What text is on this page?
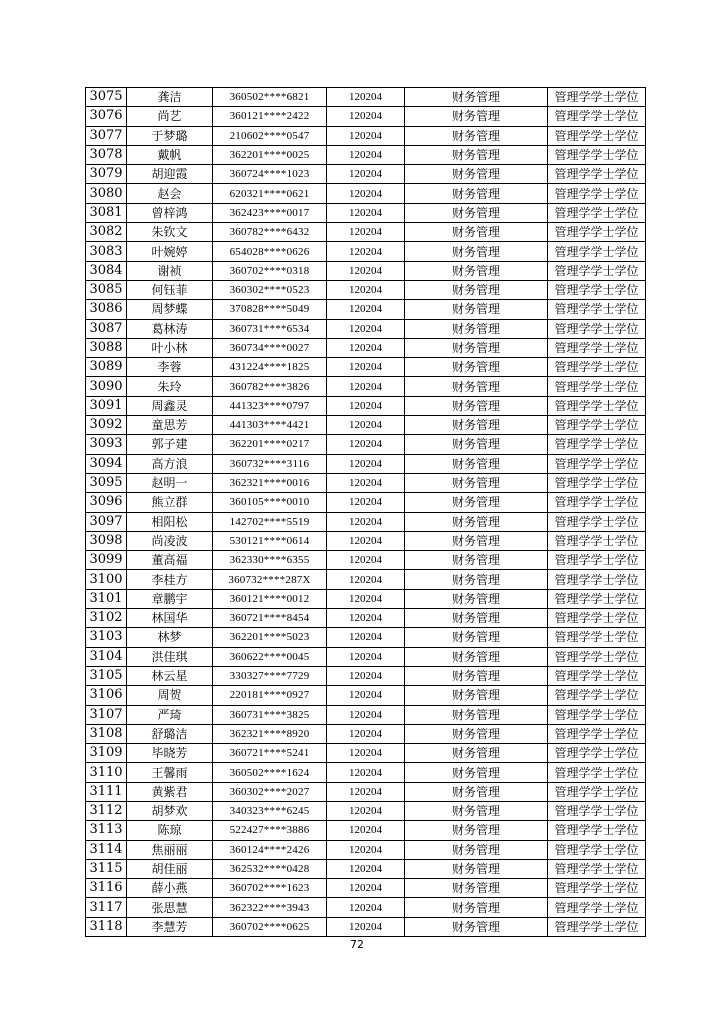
3075	龚洁	360502****6821	120204	财务管理	管理学学士学位
3076	尚艺	360121****2422	120204	财务管理	管理学学士学位
3077	于梦璐	210602****0547	120204	财务管理	管理学学士学位
3078	戴帆	362201****0025	120204	财务管理	管理学学士学位
3079	胡迎霞	360724****1023	120204	财务管理	管理学学士学位
3080	赵会	620321****0621	120204	财务管理	管理学学士学位
3081	曾梓鸿	362423****0017	120204	财务管理	管理学学士学位
3082	朱钦文	360782****6432	120204	财务管理	管理学学士学位
3083	叶婉婷	654028****0626	120204	财务管理	管理学学士学位
3084	谢祯	360702****0318	120204	财务管理	管理学学士学位
3085	何钰菲	360302****0523	120204	财务管理	管理学学士学位
3086	周梦蝶	370828****5049	120204	财务管理	管理学学士学位
3087	葛林涛	360731****6534	120204	财务管理	管理学学士学位
3088	叶小林	360734****0027	120204	财务管理	管理学学士学位
3089	李蓉	431224****1825	120204	财务管理	管理学学士学位
3090	朱玲	360782****3826	120204	财务管理	管理学学士学位
3091	周鑫灵	441323****0797	120204	财务管理	管理学学士学位
3092	童思芳	441303****4421	120204	财务管理	管理学学士学位
3093	郭子建	362201****0217	120204	财务管理	管理学学士学位
3094	高方浪	360732****3116	120204	财务管理	管理学学士学位
3095	赵明一	362321****0016	120204	财务管理	管理学学士学位
3096	熊立群	360105****0010	120204	财务管理	管理学学士学位
3097	相阳松	142702****5519	120204	财务管理	管理学学士学位
3098	尚凌波	530121****0614	120204	财务管理	管理学学士学位
3099	董高福	362330****6355	120204	财务管理	管理学学士学位
3100	李桂方	360732****287X	120204	财务管理	管理学学士学位
3101	章鹏宇	360121****0012	120204	财务管理	管理学学士学位
3102	林国华	360721****8454	120204	财务管理	管理学学士学位
3103	林梦	362201****5023	120204	财务管理	管理学学士学位
3104	洪佳琪	360622****0045	120204	财务管理	管理学学士学位
3105	林云星	330327****7729	120204	财务管理	管理学学士学位
3106	周贺	220181****0927	120204	财务管理	管理学学士学位
3107	严琦	360731****3825	120204	财务管理	管理学学士学位
3108	舒璐洁	362321****8920	120204	财务管理	管理学学士学位
3109	毕晓芳	360721****5241	120204	财务管理	管理学学士学位
3110	王馨雨	360502****1624	120204	财务管理	管理学学士学位
3111	黄紫君	360302****2027	120204	财务管理	管理学学士学位
3112	胡梦欢	340323****6245	120204	财务管理	管理学学士学位
3113	陈琼	522427****3886	120204	财务管理	管理学学士学位
3114	焦丽丽	360124****2426	120204	财务管理	管理学学士学位
3115	胡佳丽	362532****0428	120204	财务管理	管理学学士学位
3116	薛小燕	360702****1623	120204	财务管理	管理学学士学位
3117	张思慧	362322****3943	120204	财务管理	管理学学士学位
3118	李慧芳	360702****0625	120204	财务管理	管理学学士学位
72
